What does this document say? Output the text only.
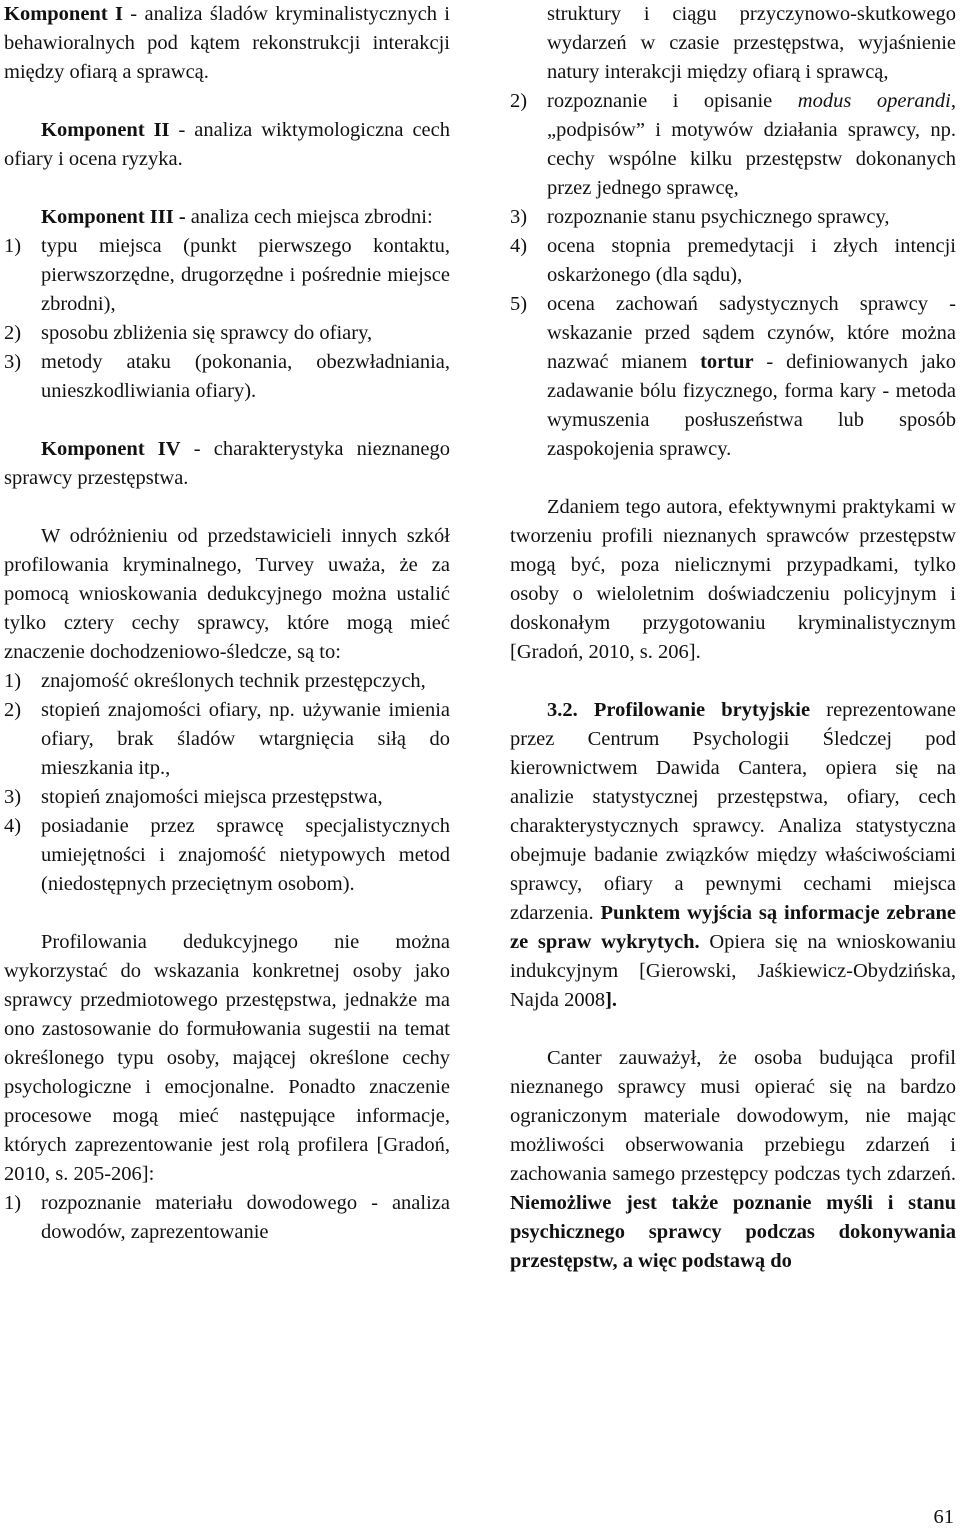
Komponent I - analiza śladów kryminalistycznych i behawioralnych pod kątem rekonstrukcji interakcji między ofiarą a sprawcą.

Komponent II - analiza wiktymologiczna cech ofiary i ocena ryzyka.

Komponent III - analiza cech miejsca zbrodni:

1) typu miejsca (punkt pierwszego kontaktu, pierwszorzędne, drugorzędne i pośrednie miejsce zbrodni),
2) sposobu zbliżenia się sprawcy do ofiary,
3) metody ataku (pokonania, obezwładniania, unieszkodliwiania ofiary).

Komponent IV - charakterystyka nieznanego sprawcy przestępstwa.

W odróżnieniu od przedstawicieli innych szkół profilowania kryminalnego, Turvey uważa, że za pomocą wnioskowania dedukcyjnego można ustalić tylko cztery cechy sprawcy, które mogą mieć znaczenie dochodzeniowo-śledcze, są to:

1) znajomość określonych technik przestępczych,
2) stopień znajomości ofiary, np. używanie imienia ofiary, brak śladów wtargnięcia siłą do mieszkania itp.,
3) stopień znajomości miejsca przestępstwa,
4) posiadanie przez sprawcę specjalistycznych umiejętności i znajomość nietypowych metod (niedostępnych przeciętnym osobom).

Profilowania dedukcyjnego nie można wykorzystać do wskazania konkretnej osoby jako sprawcy przedmiotowego przestępstwa, jednakże ma ono zastosowanie do formułowania sugestii na temat określonego typu osoby, mającej określone cechy psychologiczne i emocjonalne. Ponadto znaczenie procesowe mogą mieć następujące informacje, których zaprezentowanie jest rolą profilera [Gradoń, 2010, s. 205-206]:

1) rozpoznanie materiału dowodowego - analiza dowodów, zaprezentowanie
struktury i ciągu przyczynowo-skutkowego wydarzeń w czasie przestępstwa, wyjaśnienie natury interakcji między ofiarą i sprawcą,
2) rozpoznanie i opisanie modus operandi, „podpisów” i motywów działania sprawcy, np. cechy wspólne kilku przestępstw dokonanych przez jednego sprawcę,
3) rozpoznanie stanu psychicznego sprawcy,
4) ocena stopnia premedytacji i złych intencji oskarżonego (dla sądu),
5) ocena zachowań sadystycznych sprawcy - wskazanie przed sądem czynów, które można nazwać mianem tortur - definiowanych jako zadawanie bólu fizycznego, forma kary - metoda wymuszenia posłuszeństwa lub sposób zaspokojenia sprawcy.

Zdaniem tego autora, efektywnymi praktykami w tworzeniu profili nieznanych sprawców przestępstw mogą być, poza nielicznymi przypadkami, tylko osoby o wieloletnim doświadczeniu policyjnym i doskonałym przygotowaniu kryminalistycznym [Gradoń, 2010, s. 206].

3.2. Profilowanie brytyjskie reprezentowane przez Centrum Psychologii Śledczej pod kierownictwem Dawida Cantera, opiera się na analizie statystycznej przestępstwa, ofiary, cech charakterystycznych sprawcy. Analiza statystyczna obejmuje badanie związków między właściwościami sprawcy, ofiary a pewnymi cechami miejsca zdarzenia. Punktem wyjścia są informacje zebrane ze spraw wykrytych. Opiera się na wnioskowaniu indukcyjnym [Gierowski, Jaśkiewicz-Obydzińska, Najda 2008].

Canter zauważył, że osoba budująca profil nieznanego sprawcy musi opierać się na bardzo ograniczonym materiale dowodowym, nie mając możliwości obserwowania przebiegu zdarzeń i zachowania samego przestępcy podczas tych zdarzeń. Niemożliwe jest także poznanie myśli i stanu psychicznego sprawcy podczas dokonywania przestępstw, a więc podstawą do

61
